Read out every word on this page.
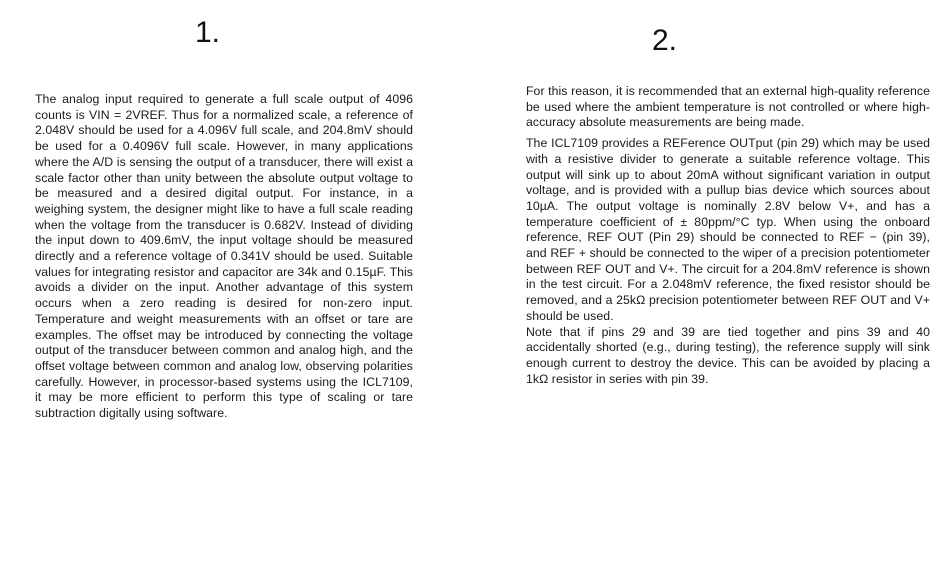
1.	2.

The analog input required to generate a full scale output of 4096 counts is VIN = 2VREF. Thus for a normalized scale, a reference of 2.048V should be used for a 4.096V full scale, and 204.8mV should be used for a 0.4096V full scale. However, in many applications where the A/D is sensing the output of a transducer, there will exist a scale factor other than unity between the absolute output voltage to be measured and a desired digital output. For instance, in a weighing system, the designer might like to have a full scale reading when the voltage from the transducer is 0.682V. Instead of dividing the input down to 409.6mV, the input voltage should be measured directly and a reference voltage of 0.341V should be used. Suitable values for integrating resistor and capacitor are 34k and 0.15µF. This avoids a divider on the input. Another advantage of this system occurs when a zero reading is desired for non-zero input. Temperature and weight measurements with an offset or tare are examples. The offset may be introduced by connecting the voltage output of the transducer between common and analog high, and the offset voltage between common and analog low, observing polarities carefully. However, in processor-based systems using the ICL7109, it may be more efficient to perform this type of scaling or tare subtraction digitally using software.

For this reason, it is recommended that an external high-quality reference be used where the ambient temperature is not controlled or where high-accuracy absolute measurements are being made.

The ICL7109 provides a REFerence OUTput (pin 29) which may be used with a resistive divider to generate a suitable reference voltage. This output will sink up to about 20mA without significant variation in output voltage, and is provided with a pullup bias device which sources about 10µA. The output voltage is nominally 2.8V below V+, and has a temperature coefficient of ± 80ppm/°C typ. When using the onboard reference, REF OUT (Pin 29) should be connected to REF − (pin 39), and REF + should be connected to the wiper of a precision potentiometer between REF OUT and V+. The circuit for a 204.8mV reference is shown in the test circuit. For a 2.048mV reference, the fixed resistor should be removed, and a 25kΩ precision potentiometer between REF OUT and V+ should be used.

Note that if pins 29 and 39 are tied together and pins 39 and 40 accidentally shorted (e.g., during testing), the reference supply will sink enough current to destroy the device. This can be avoided by placing a 1kΩ resistor in series with pin 39.
